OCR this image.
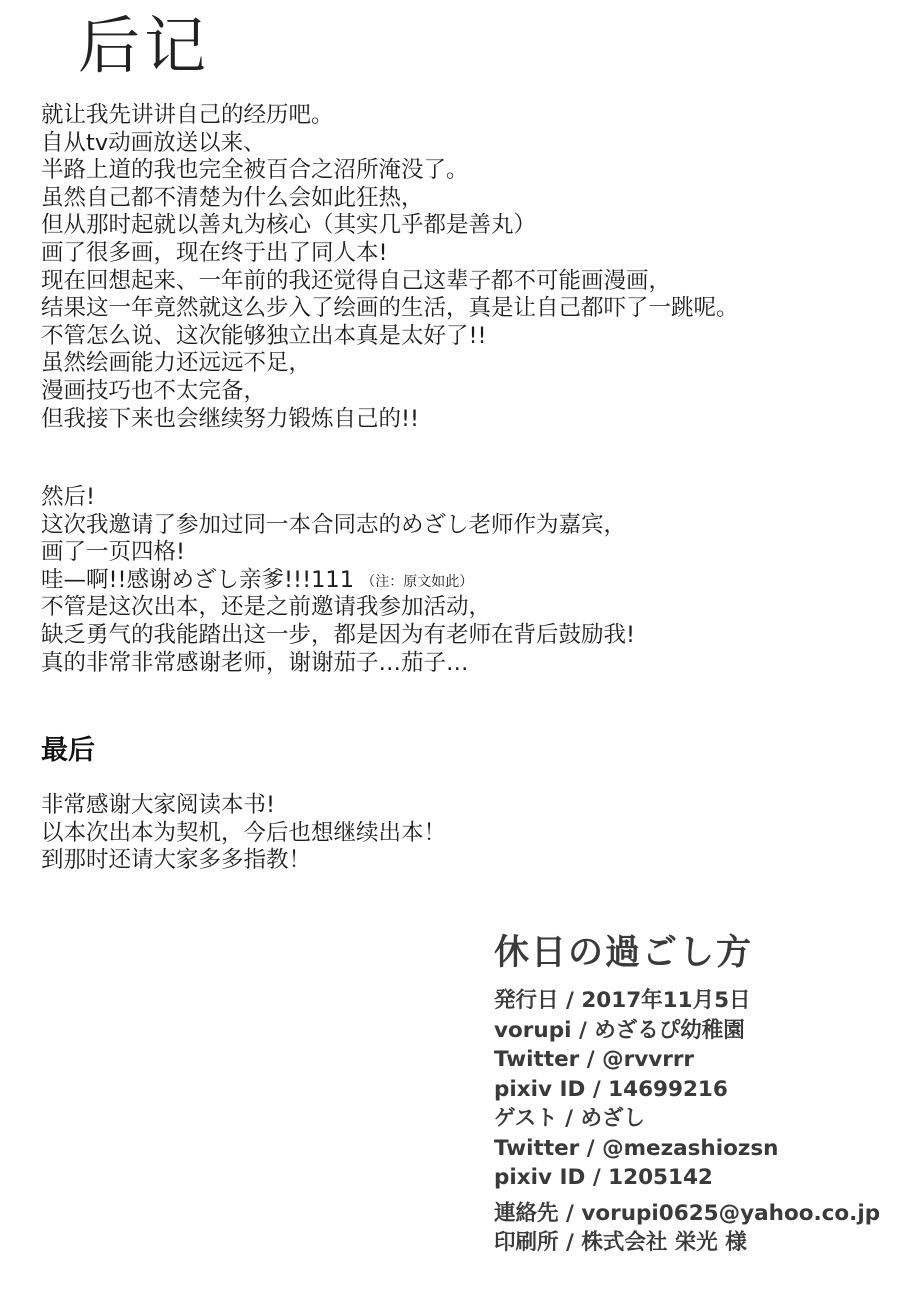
后记
就让我先讲讲自己的经历吧。
自从tv动画放送以来、
半路上道的我也完全被百合之沼所淹没了。
虽然自己都不清楚为什么会如此狂热，
但从那时起就以善丸为核心（其实几乎都是善丸）
画了很多画，现在终于出了同人本!
现在回想起来、一年前的我还觉得自己这辈子都不可能画漫画，
结果这一年竟然就这么步入了绘画的生活，真是让自己都吓了一跳呢。
不管怎么说、这次能够独立出本真是太好了!!
虽然绘画能力还远远不足，
漫画技巧也不太完备，
但我接下来也会继续努力锻炼自己的!!
然后!
这次我邀请了参加过同一本合同志的めざし老师作为嘉宾，
画了一页四格!
哇—啊!!感谢めざし亲爹!!!111 （注：原文如此）
不管是这次出本，还是之前邀请我参加活动，
缺乏勇气的我能踏出这一步，都是因为有老师在背后鼓励我!
真的非常非常感谢老师，谢谢茄子…茄子…
最后
非常感谢大家阅读本书!
以本次出本为契机，今后也想继续出本！
到那时还请大家多多指教！
休日の過ごし方
発行日 / 2017年11月5日
vorupi / めざるぴ幼稚園
Twitter / @rvvrrr
pixiv ID / 14699216
ゲスト / めざし
Twitter / @mezashiozsn
pixiv ID / 1205142
連絡先 / vorupi0625@yahoo.co.jp
印刷所 / 株式会社 栄光 様
